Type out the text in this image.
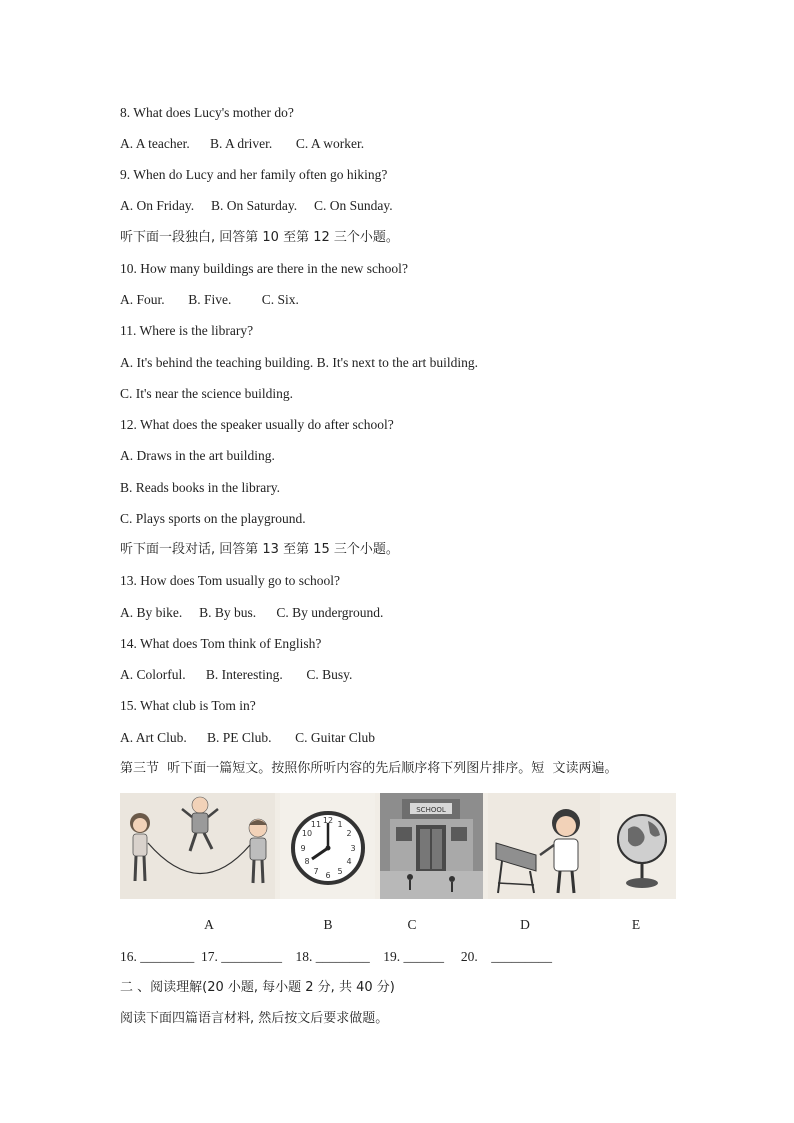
8. What does Lucy's mother do?
A. A teacher.      B. A driver.       C. A worker.
9. When do Lucy and her family often go hiking?
A. On Friday.     B. On Saturday.     C. On Sunday.
听下面一段独白, 回答第 10 至第 12 三个小题。
10. How many buildings are there in the new school?
A. Four.       B. Five.         C. Six.
11. Where is the library?
A. It's behind the teaching building. B. It's next to the art building.
C. It's near the science building.
12. What does the speaker usually do after school?
A. Draws in the art building.
B. Reads books in the library.
C. Plays sports on the playground.
听下面一段对话, 回答第 13 至第 15 三个小题。
13. How does Tom usually go to school?
A. By bike.     B. By bus.      C. By underground.
14. What does Tom think of English?
A. Colorful.      B. Interesting.       C. Busy.
15. What club is Tom in?
A. Art Club.      B. PE Club.       C. Guitar Club
第三节  听下面一篇短文。按照你所听内容的先后顺序将下列图片排序。短  文读两遍。
12 1
2
3
4
5
6
7
8
9
10
11
SCHOOL
A	B	C	D	E
16. ________  17. _________    18. ________    19. ______     20.    _________
二 、阅读理解(20 小题, 每小题 2 分, 共 40 分)
阅读下面四篇语言材料, 然后按文后要求做题。
